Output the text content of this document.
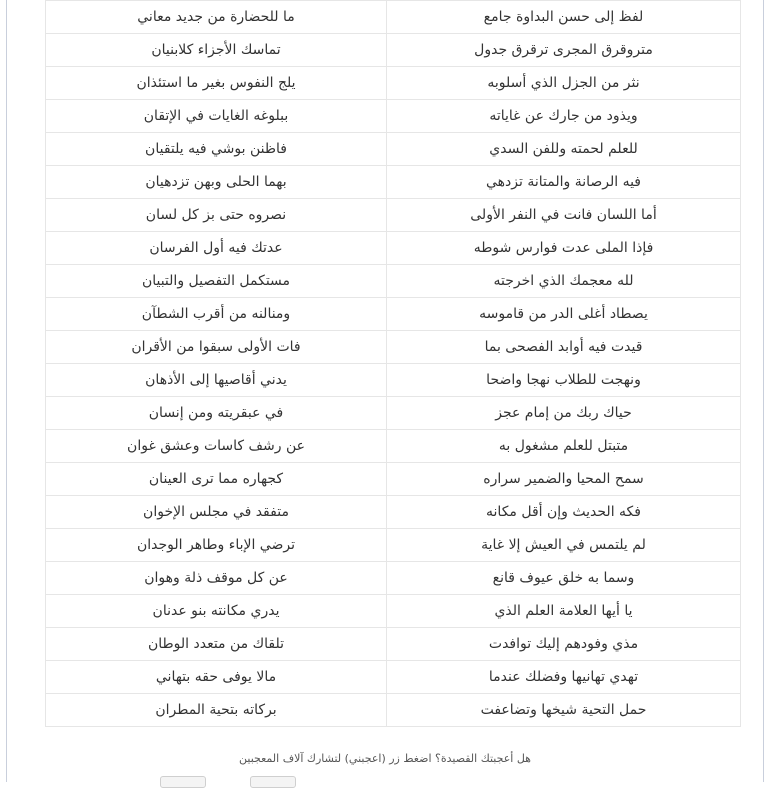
ما للحضارة من جديد معاني	لفظ إلى حسن البداوة جامع
تماسك الأجزاء كلابنيان	متروقرق المجرى ترقرق جدول
يلج النفوس بغير ما استئذان	نثر من الجزل الذي أسلوبه
ببلوغه الغايات في الإتقان	ويذود من جارك عن غاياته
فاظنن بوشي فيه يلتقيان	للعلم لحمته وللفن السدي
بهما الحلى وبهن تزدهيان	فيه الرصانة والمتانة تزدهي
نصروه حتى بز كل لسان	أما اللسان فانت في النفر الأولى
عدتك فيه أول الفرسان	فإذا الملى عدت فوارس شوطه
مستكمل التفصيل والتبيان	لله معجمك الذي اخرجته
ومنالنه من أقرب الشطآن	يصطاد أغلى الدر من قاموسه
فات الأولى سبقوا من الأقران	قيدت فيه أوابد الفصحى بما
يدني أقاصيها إلى الأذهان	ونهجت للطلاب نهجا واضحا
في عبقريته ومن إنسان	حياك ربك من إمام عجز
عن رشف كاسات وعشق غوان	متبتل للعلم مشغول به
كجهاره مما ترى العينان	سمح المحيا والضمير سراره
متفقد في مجلس الإخوان	فكه الحديث وإن أقل مكانه
ترضي الإباء وطاهر الوجدان	لم يلتمس في العيش إلا غاية
عن كل موقف ذلة وهوان	وسما به خلق عيوف قانع
يدري مكانته بنو عدنان	يا أيها العلامة العلم الذي
تلقاك من متعدد الوطان	مذي وفودهم إليك توافدت
مالا يوفى حقه بتهاني	تهدي تهانيها وفضلك عندما
بركاته بتحية المطران	حمل التحية شيخها وتضاعفت
هل أعجبتك القصيدة؟ اضغط زر (اعجبني) لتشارك آلاف المعجبين
